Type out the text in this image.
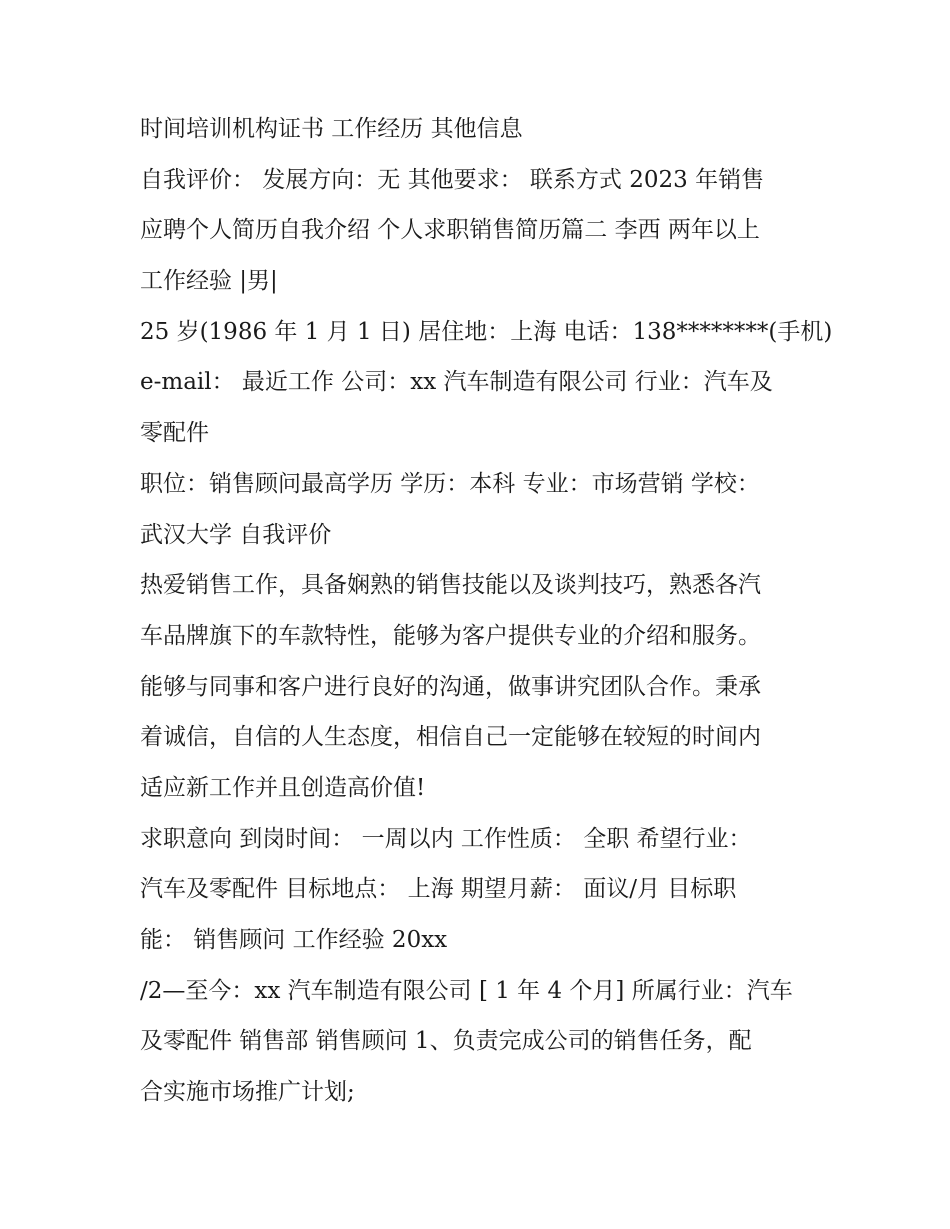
时间培训机构证书 工作经历 其他信息
自我评价： 发展方向：无 其他要求： 联系方式 2023 年销售
应聘个人简历自我介绍 个人求职销售简历篇二 李西 两年以上
工作经验 |男|
25 岁(1986 年 1 月 1 日) 居住地：上海 电话：138********(手机)
e-mail： 最近工作 公司：xx 汽车制造有限公司 行业：汽车及
零配件
职位：销售顾问最高学历 学历：本科 专业：市场营销 学校：
武汉大学 自我评价
热爱销售工作，具备娴熟的销售技能以及谈判技巧，熟悉各汽
车品牌旗下的车款特性，能够为客户提供专业的介绍和服务。
能够与同事和客户进行良好的沟通，做事讲究团队合作。秉承
着诚信，自信的人生态度，相信自己一定能够在较短的时间内
适应新工作并且创造高价值!
求职意向 到岗时间： 一周以内 工作性质： 全职 希望行业：
汽车及零配件 目标地点： 上海 期望月薪： 面议/月 目标职
能： 销售顾问 工作经验 20xx
/2—至今：xx 汽车制造有限公司 [ 1 年 4 个月] 所属行业：汽车
及零配件 销售部 销售顾问 1、负责完成公司的销售任务，配
合实施市场推广计划;
